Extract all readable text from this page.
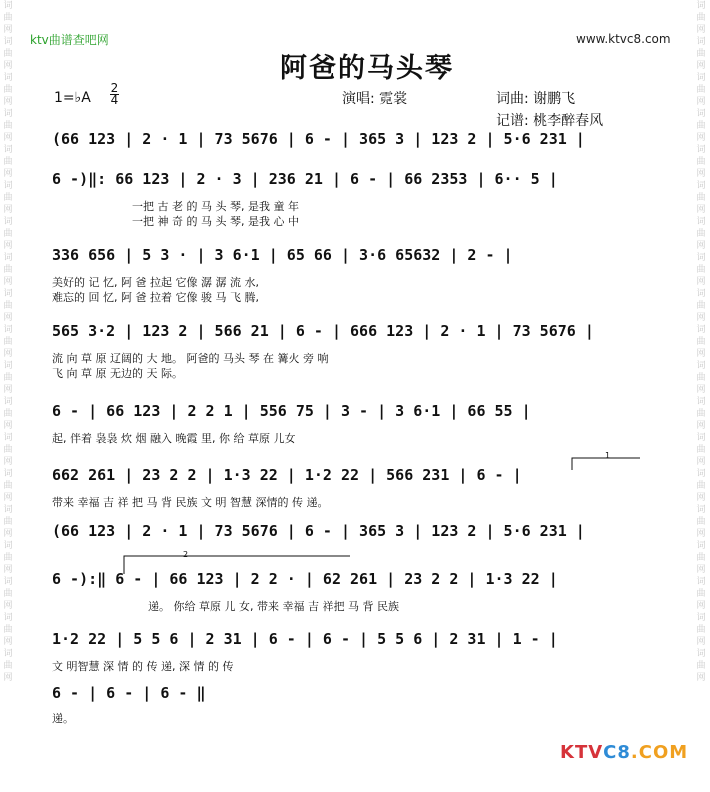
词曲网词曲网词曲网词曲网词曲网词曲网词曲网词曲网词曲网词曲网词曲网词曲网词曲网词曲网词曲网词曲网词曲网词曲网词曲网
词曲网词曲网词曲网词曲网词曲网词曲网词曲网词曲网词曲网词曲网词曲网词曲网词曲网词曲网词曲网词曲网词曲网词曲网词曲网
ktv曲谱查吧网	www.ktvc8.com
阿爸的马头琴
1=♭A
2
4	演唱: 霓裳	词曲: 谢鹏飞
记谱: 桃李醉春风
(66 123 | 2 · 1 | 73 5676 | 6 - | 365 3 | 123 2 | 5·6 231 |
6 -)‖: 66 123 | 2 · 3 | 236 21 | 6 - | 66 2353 | 6·· 5 |
一把 古 老 的 马 头 琴, 是我 童 年
一把 神 奇 的 马 头 琴, 是我 心 中
336 656 | 5 3 · | 3 6·1 | 65 66 | 3·6 65632 | 2 - |
美好的 记 忆, 阿 爸 拉起 它像 潺 潺 流 水,
难忘的 回 忆, 阿 爸 拉着 它像 骏 马 飞 腾,
565 3·2 | 123 2 | 566 21 | 6 - | 666 123 | 2 · 1 | 73 5676 |
流 向 草 原 辽阔的 大 地。 阿爸的 马头 琴 在 篝火 旁 响
飞 向 草 原 无边的 天 际。
6 - | 66 123 | 2 2 1 | 556 75 | 3 - | 3 6·1 | 66 55 |
起, 伴着 袅袅 炊 烟 融入 晚霞 里, 你 给 草原 儿女
662 261 | 23 2 2 | 1·3 22 | 1·2 22 | 566 231 | 6 - |
带来 幸福 吉 祥 把 马 背 民族 文 明 智慧 深情的 传 递。
(66 123 | 2 · 1 | 73 5676 | 6 - | 365 3 | 123 2 | 5·6 231 |
6 -):‖ 6 - | 66 123 | 2 2 · | 62 261 | 23 2 2 | 1·3 22 |
递。 你给 草原 儿 女, 带来 幸福 吉 祥把 马 背 民族
1·2 22 | 5 5 6 | 2 31 | 6 - | 6 - | 5 5 6 | 2 31 | 1 - |
文 明智慧 深 情 的 传 递, 深 情 的 传
6 - | 6 - | 6 - ‖
递。
1
2
KTVC8.COM
